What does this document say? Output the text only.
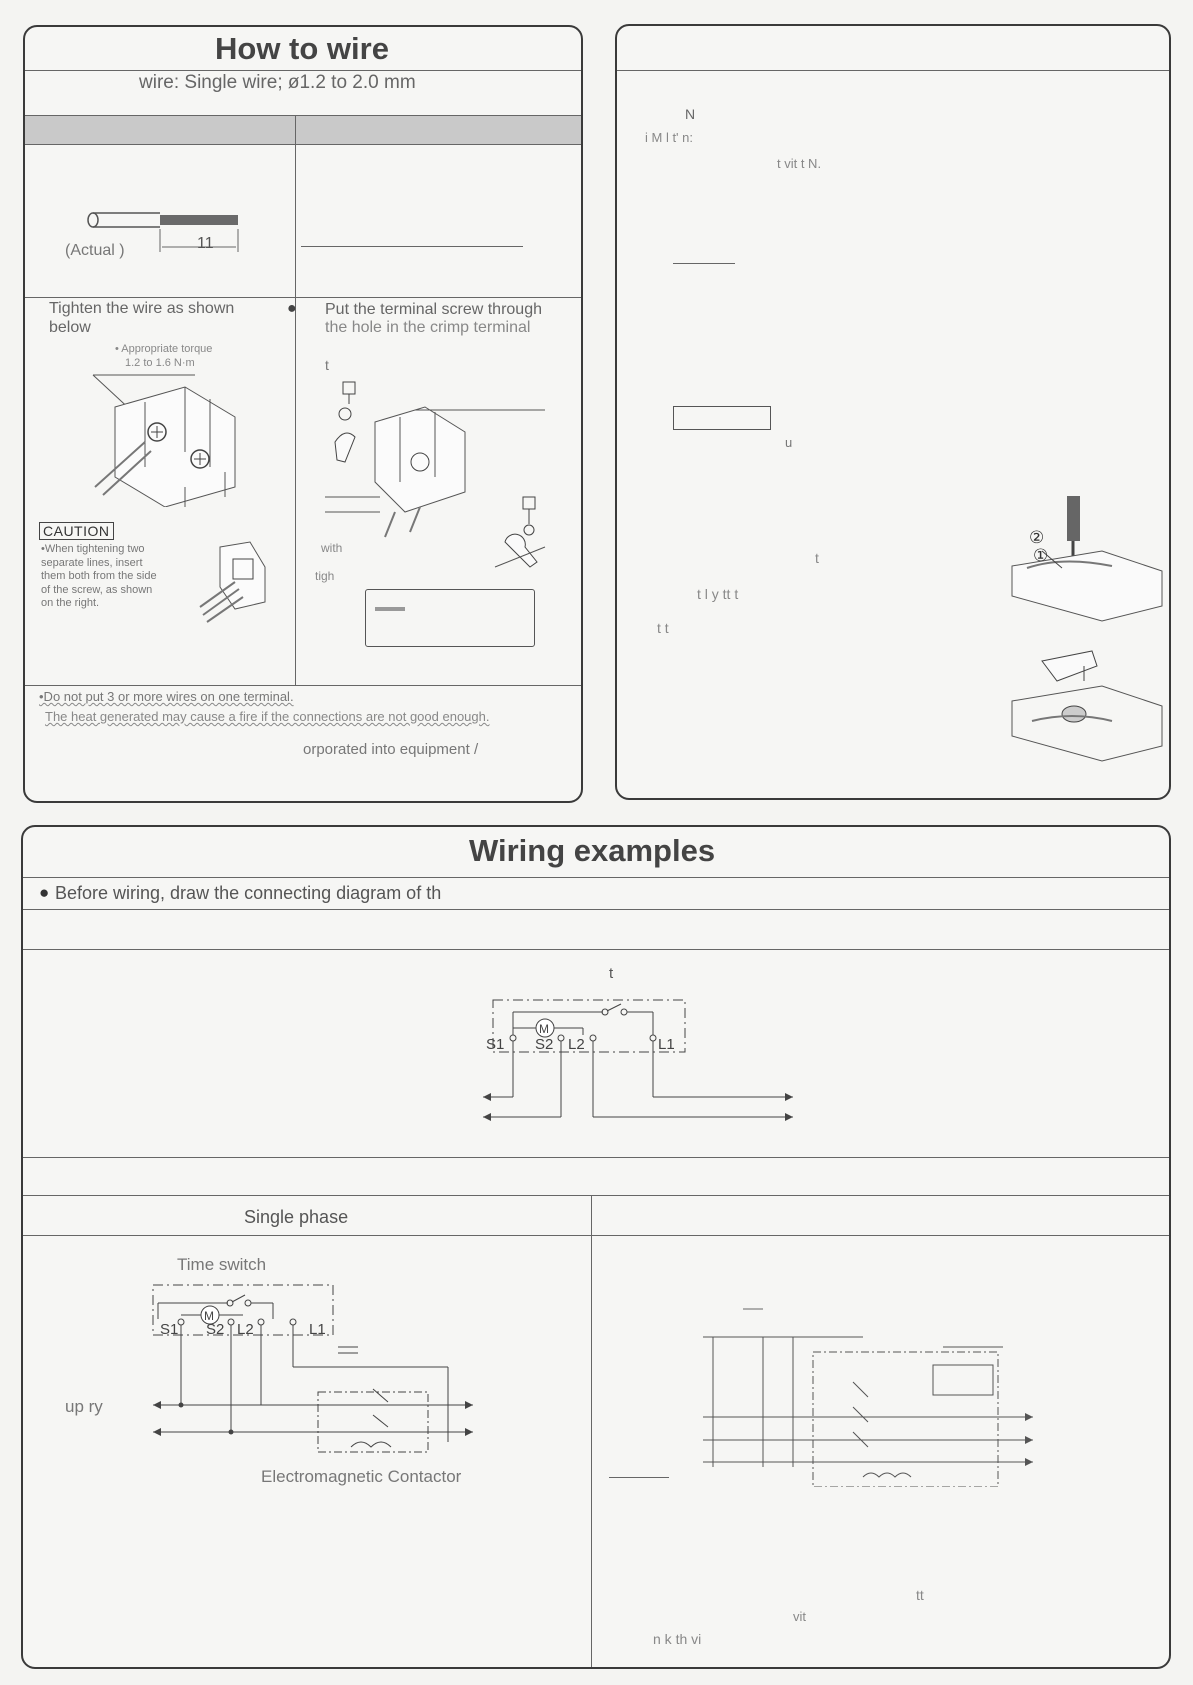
How to wire
wire: Single wire; ø1.2 to 2.0 mm
(Actual )	11
Tighten the wire as shown
below
• Appropriate torque
1.2 to 1.6 N·m
CAUTION
•When tightening two
separate lines, insert
them both from the side
of the screw, as shown
on the right.
● Put the terminal screw through
the hole in the crimp terminal
t
with
tigh
•Do not put 3 or more wires on one terminal.
The heat generated may cause a fire if the connections are not good enough.
orporated into equipment /
N
i M l t' n:
t vit t N.
u
t l y tt t
t t
t
②
①
Wiring examples
● Before wiring, draw the connecting diagram of th
t
M
S1 S2 L2	L1
Single phase
Time switch
M
S1 S2 L2	L1
up ry
Electromagnetic Contactor
tt
vit
n k th vi
